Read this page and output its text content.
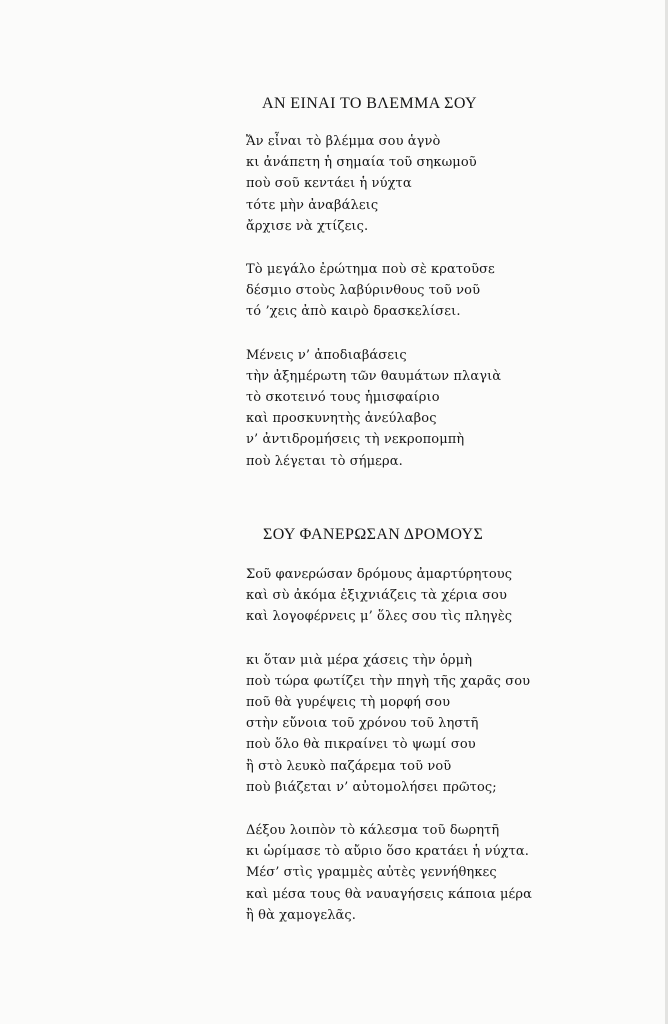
ΑΝ ΕΙΝΑΙ ΤΟ ΒΛΕΜΜΑ ΣΟΥ
Ἄν εἶναι τὸ βλέμμα σου ἁγνὸ
κι ἀνάπετη ἡ σημαία τοῦ σηκωμοῦ
ποὺ σοῦ κεντάει ἡ νύχτα
τότε μὴν ἀναβάλεις
ἄρχισε νὰ χτίζεις.
Τὸ μεγάλο ἐρώτημα ποὺ σὲ κρατοῦσε
δέσμιο στοὺς λαβύρινθους τοῦ νοῦ
τό ’χεις ἀπὸ καιρὸ δρασκελίσει.
Μένεις ν’ ἀποδιαβάσεις
τὴν ἀξημέρωτη τῶν θαυμάτων πλαγιὰ
τὸ σκοτεινό τους ἡμισφαίριο
καὶ προσκυνητὴς ἀνεύλαβος
ν’ ἀντιδρομήσεις τὴ νεκροπομπὴ
ποὺ λέγεται τὸ σήμερα.
ΣΟΥ ΦΑΝΕΡΩΣΑΝ ΔΡΟΜΟΥΣ
Σοῦ φανερώσαν δρόμους ἀμαρτύρητους
καὶ σὺ ἀκόμα ἐξιχνιάζεις τὰ χέρια σου
καὶ λογοφέρνεις μ’ ὅλες σου τὶς πληγὲς
κι ὅταν μιὰ μέρα χάσεις τὴν ὁρμὴ
ποὺ τώρα φωτίζει τὴν πηγὴ τῆς χαρᾶς σου
ποῦ θὰ γυρέψεις τὴ μορφή σου
στὴν εὔνοια τοῦ χρόνου τοῦ ληστῆ
ποὺ ὅλο θὰ πικραίνει τὸ ψωμί σου
ἢ στὸ λευκὸ παζάρεμα τοῦ νοῦ
ποὺ βιάζεται ν’ αὐτομολήσει πρῶτος;
Δέξου λοιπὸν τὸ κάλεσμα τοῦ δωρητῆ
κι ὡρίμασε τὸ αὔριο ὅσο κρατάει ἡ νύχτα.
Μέσ’ στὶς γραμμὲς αὐτὲς γεννήθηκες
καὶ μέσα τους θὰ ναυαγήσεις κάποια μέρα
ἢ θὰ χαμογελᾶς.
